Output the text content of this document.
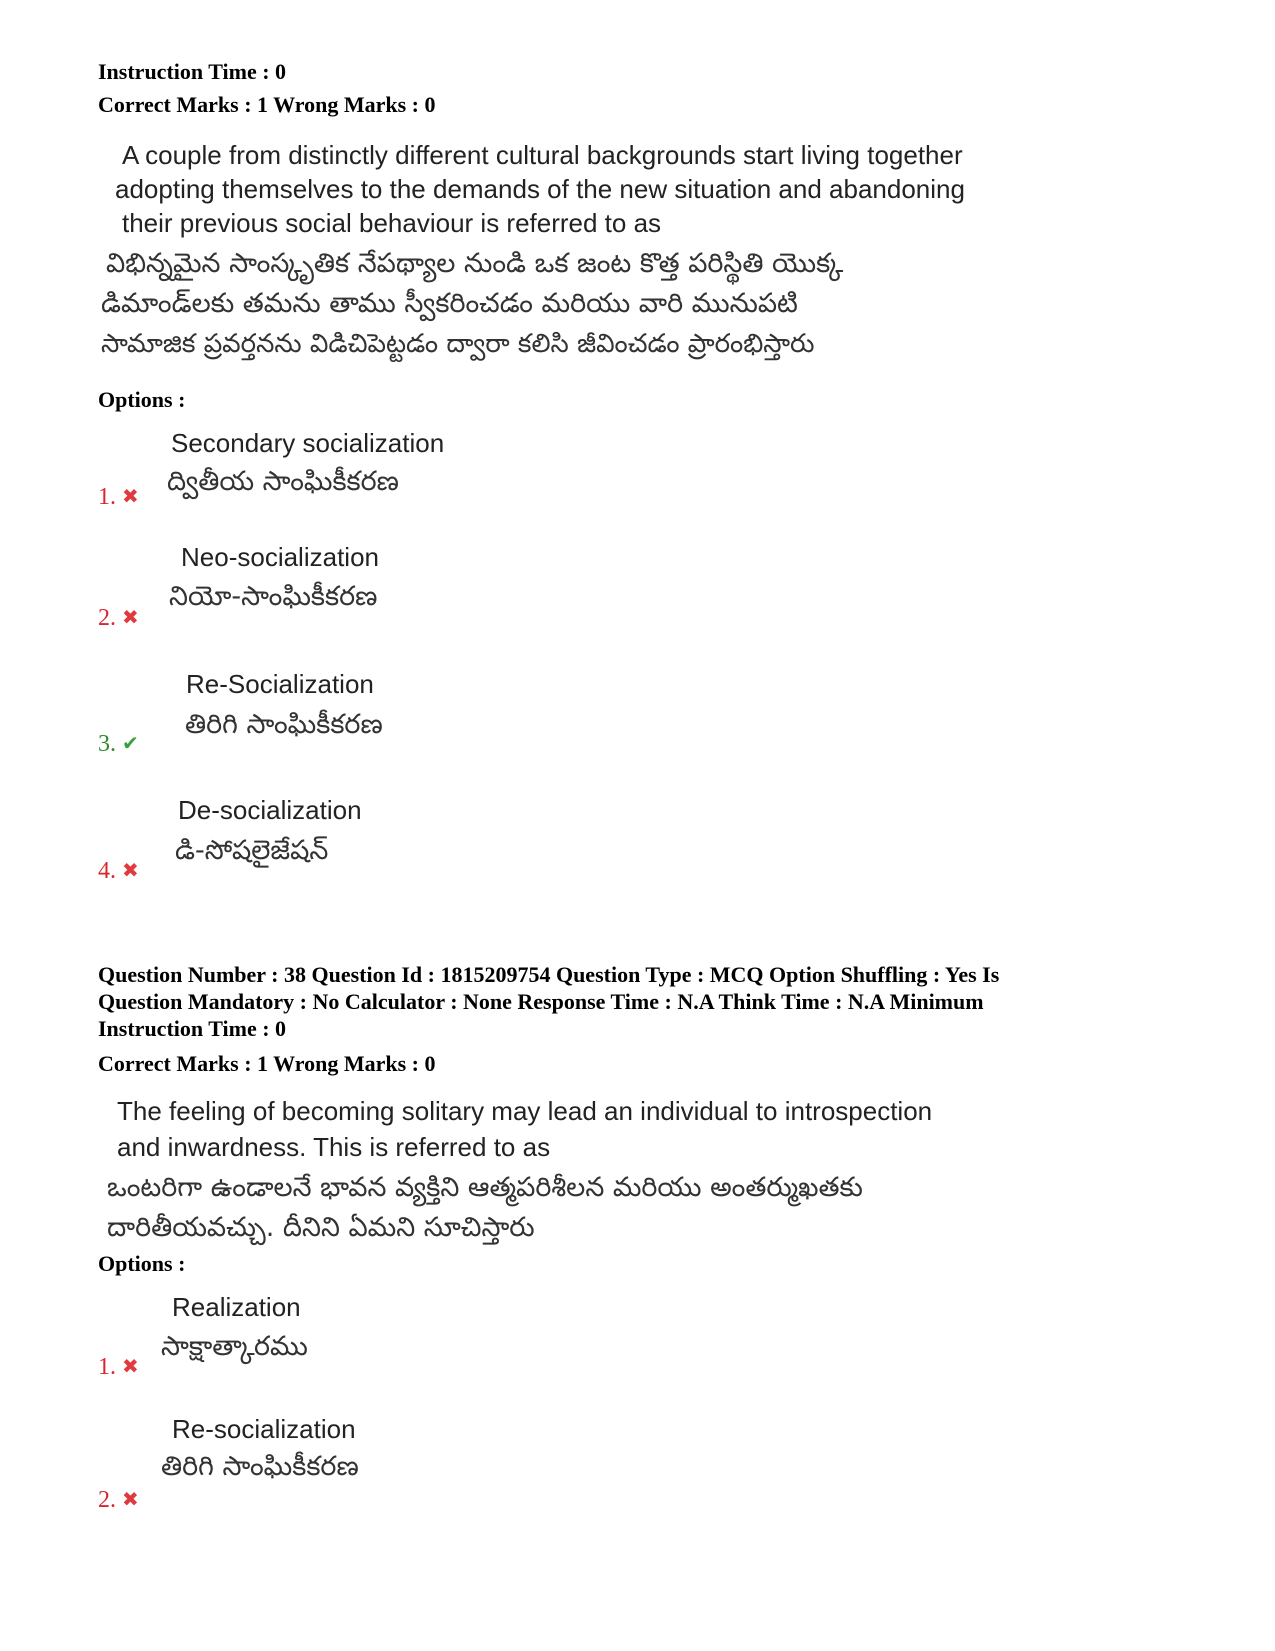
Instruction Time : 0
Correct Marks : 1 Wrong Marks : 0
A couple from distinctly different cultural backgrounds start living together
adopting themselves to the demands of the new situation and abandoning
their previous social behaviour is referred to as
విభిన్నమైన సాంస్కృతిక నేపథ్యాల నుండి ఒక జంట కొత్త పరిస్థితి యొక్క
డిమాండ్‌లకు తమను తాము స్వీకరించడం మరియు వారి మునుపటి
సామాజిక ప్రవర్తనను విడిచిపెట్టడం ద్వారా కలిసి జీవించడం ప్రారంభిస్తారు
Options :
Secondary socialization
ద్వితీయ సాంఘికీకరణ
1. ✖
Neo-socialization
నియో-సాంఘికీకరణ
2. ✖
Re-Socialization
తిరిగి సాంఘికీకరణ
3. ✔
De-socialization
డి-సోషలైజేషన్
4. ✖
Question Number : 38 Question Id : 1815209754 Question Type : MCQ Option Shuffling : Yes Is
Question Mandatory : No Calculator : None Response Time : N.A Think Time : N.A Minimum
Instruction Time : 0
Correct Marks : 1 Wrong Marks : 0
The feeling of becoming solitary may lead an individual to introspection
and inwardness. This is referred to as
ఒంటరిగా ఉండాలనే భావన వ్యక్తిని ఆత్మపరిశీలన మరియు అంతర్ముఖతకు
దారితీయవచ్చు. దీనిని ఏమని సూచిస్తారు
Options :
Realization
సాక్షాత్కారము
1. ✖
Re-socialization
తిరిగి సాంఘికీకరణ
2. ✖
